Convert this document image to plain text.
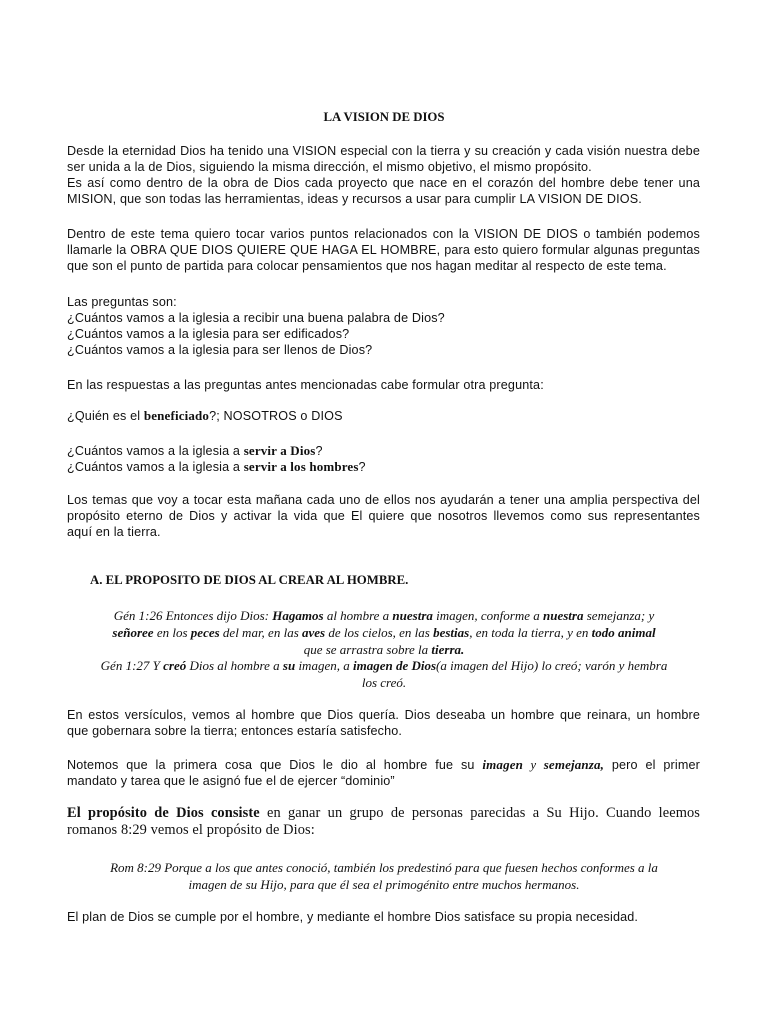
LA VISION DE DIOS
Desde la eternidad Dios ha tenido una VISION especial con la tierra y su creación y cada visión nuestra debe
ser unida a la de Dios, siguiendo la misma dirección, el mismo objetivo, el mismo propósito.
Es así como dentro de la obra de Dios cada proyecto que nace en el corazón del hombre debe tener una
MISION, que son todas las herramientas, ideas y recursos a usar para cumplir LA VISION DE DIOS.
Dentro de este tema quiero tocar varios puntos relacionados con la VISION DE DIOS o también podemos
llamarle la OBRA QUE DIOS QUIERE QUE HAGA EL HOMBRE, para esto quiero formular algunas preguntas
que son el punto de partida para colocar pensamientos que nos hagan meditar al respecto de este tema.
Las preguntas son:
¿Cuántos vamos a la iglesia a recibir una buena palabra de Dios?
¿Cuántos vamos a la iglesia para ser edificados?
¿Cuántos vamos a la iglesia para ser llenos de Dios?
En las respuestas a las preguntas antes mencionadas cabe formular otra pregunta:
¿Quién es el beneficiado?; NOSOTROS o DIOS
¿Cuántos vamos a la iglesia a servir a Dios?
¿Cuántos vamos a la iglesia a servir a los hombres?
Los temas que voy a tocar esta mañana cada uno de ellos nos ayudarán a tener una amplia perspectiva del
propósito eterno de Dios y activar la vida que El quiere que nosotros llevemos como sus representantes
aquí en la tierra.
A. EL PROPOSITO DE DIOS AL CREAR AL HOMBRE.
Gén 1:26 Entonces dijo Dios: Hagamos al hombre a nuestra imagen, conforme a nuestra semejanza; y
señoree en los peces del mar, en las aves de los cielos, en las bestias, en toda la tierra, y en todo animal
que se arrastra sobre la tierra.
Gén 1:27 Y creó Dios al hombre a su imagen, a imagen de Dios(a imagen del Hijo) lo creó; varón y hembra
los creó.
En estos versículos, vemos al hombre que Dios quería. Dios deseaba un hombre que reinara, un hombre
que gobernara sobre la tierra; entonces estaría satisfecho.
Notemos que la primera cosa que Dios le dio al hombre fue su imagen y semejanza, pero el primer
mandato y tarea que le asignó fue el de ejercer “dominio”
El propósito de Dios consiste en ganar un grupo de personas parecidas a Su Hijo. Cuando leemos
romanos 8:29 vemos el propósito de Dios:
Rom 8:29 Porque a los que antes conoció, también los predestinó para que fuesen hechos conformes a la
imagen de su Hijo, para que él sea el primogénito entre muchos hermanos.
El plan de Dios se cumple por el hombre, y mediante el hombre Dios satisface su propia necesidad.
